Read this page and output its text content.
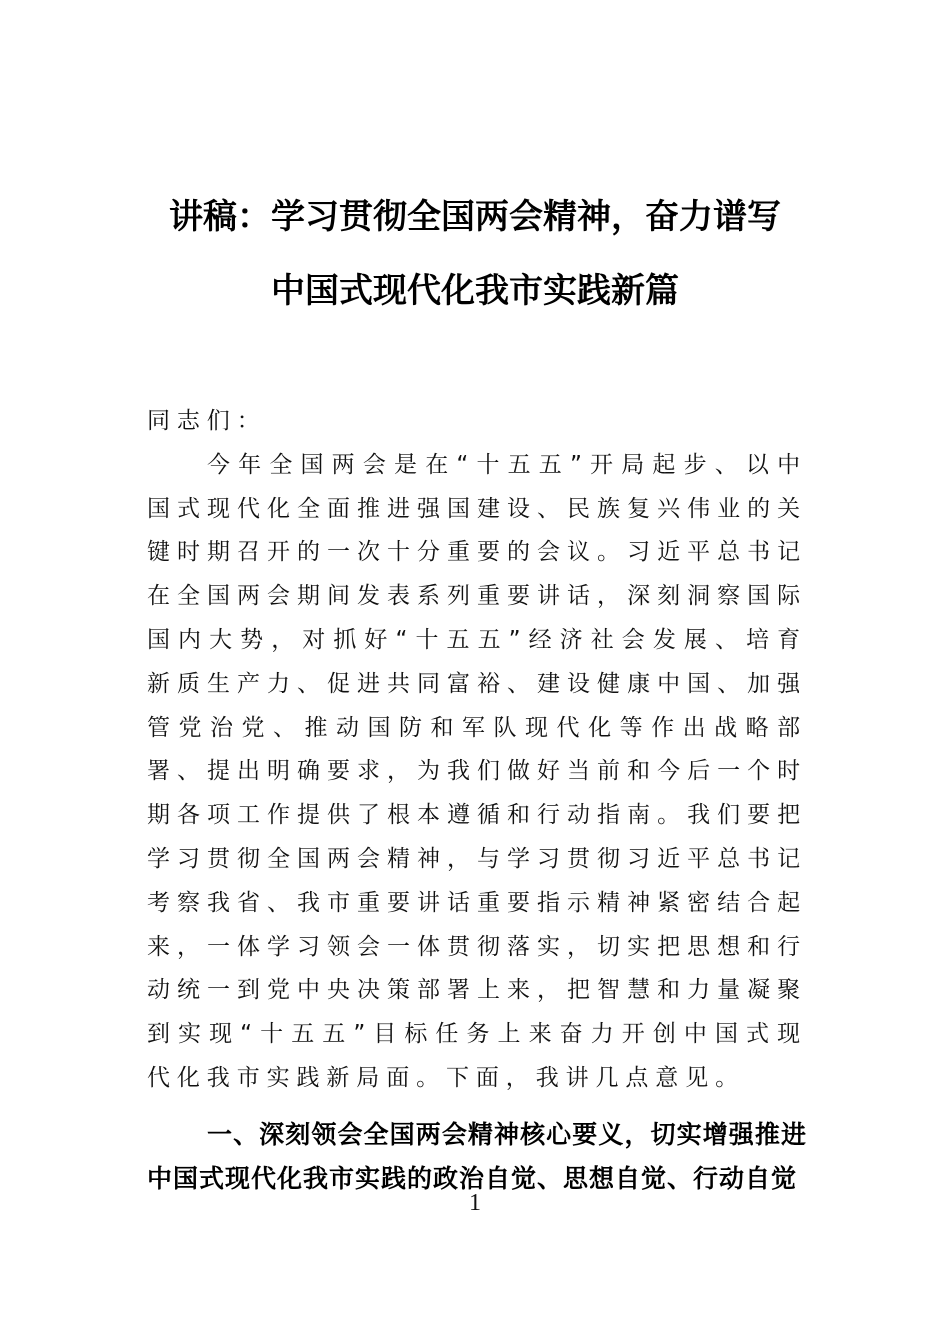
讲稿：学习贯彻全国两会精神，奋力谱写
中国式现代化我市实践新篇

同志们：

今年全国两会是在“十五五”开局起步、以中国式现代化全面推进强国建设、民族复兴伟业的关键时期召开的一次十分重要的会议。习近平总书记在全国两会期间发表系列重要讲话，深刻洞察国际国内大势，对抓好“十五五”经济社会发展、培育新质生产力、促进共同富裕、建设健康中国、加强管党治党、推动国防和军队现代化等作出战略部署、提出明确要求，为我们做好当前和今后一个时期各项工作提供了根本遵循和行动指南。我们要把学习贯彻全国两会精神，与学习贯彻习近平总书记考察我省、我市重要讲话重要指示精神紧密结合起来，一体学习领会一体贯彻落实，切实把思想和行动统一到党中央决策部署上来，把智慧和力量凝聚到实现“十五五”目标任务上来奋力开创中国式现代化我市实践新局面。下面，我讲几点意见。

一、深刻领会全国两会精神核心要义，切实增强推进中国式现代化我市实践的政治自觉、思想自觉、行动自觉

1
